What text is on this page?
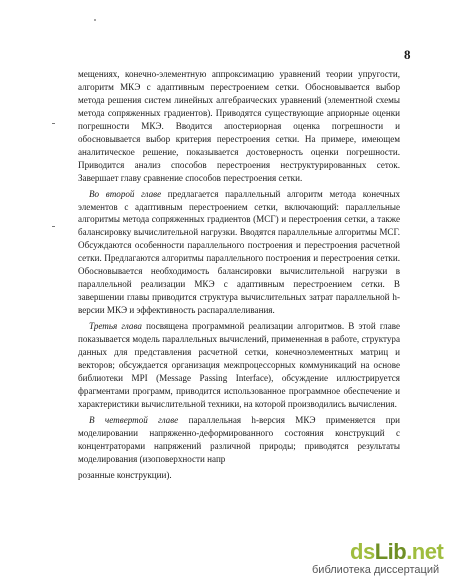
8

мещениях, конечно-элементную аппроксимацию уравнений теории упругости, алгоритм МКЭ с адаптивным перестроением сетки. Обосновывается выбор метода решения систем линейных алгебраических уравнений (элементной схемы метода сопряженных градиентов). Приводятся существующие априорные оценки погрешности МКЭ. Вводится апостериорная оценка погрешности и обосновывается выбор критерия перестроения сетки. На примере, имеющем аналитическое решение, показывается достоверность оценки погрешности. Приводится анализ способов перестроения неструктурированных сеток. Завершает главу сравнение способов перестроения сетки.

Во второй главе предлагается параллельный алгоритм метода конечных элементов с адаптивным перестроением сетки, включающий: параллельные алгоритмы метода сопряженных градиентов (МСГ) и перестроения сетки, а также балансировку вычислительной нагрузки. Вводятся параллельные алгоритмы МСГ. Обсуждаются особенности параллельного построения и перестроения расчетной сетки. Предлагаются алгоритмы параллельного построения и перестроения сетки. Обосновывается необходимость балансировки вычислительной нагрузки в параллельной реализации МКЭ с адаптивным перестроением сетки. В завершении главы приводится структура вычислительных затрат параллельной h-версии МКЭ и эффективность распараллеливания.

Третья глава посвящена программной реализации алгоритмов. В этой главе показывается модель параллельных вычислений, примененная в работе, структура данных для представления расчетной сетки, конечноэлементных матриц и векторов; обсуждается организация межпроцессорных коммуникаций на основе библиотеки MPI (Message Passing Interface), обсуждение иллюстрируется фрагментами программ, приводится использованное программное обеспечение и характеристики вычислительной техники, на которой производились вычисления.

В четвертой главе параллельная h-версия МКЭ применяется при моделировании напряженно-деформированного состояния конструкций с концентраторами напряжений различной природы; приводятся результаты моделирования (изоповерхности напр

розанные конструкции).
dsLib.net
библиотека диссертаций
